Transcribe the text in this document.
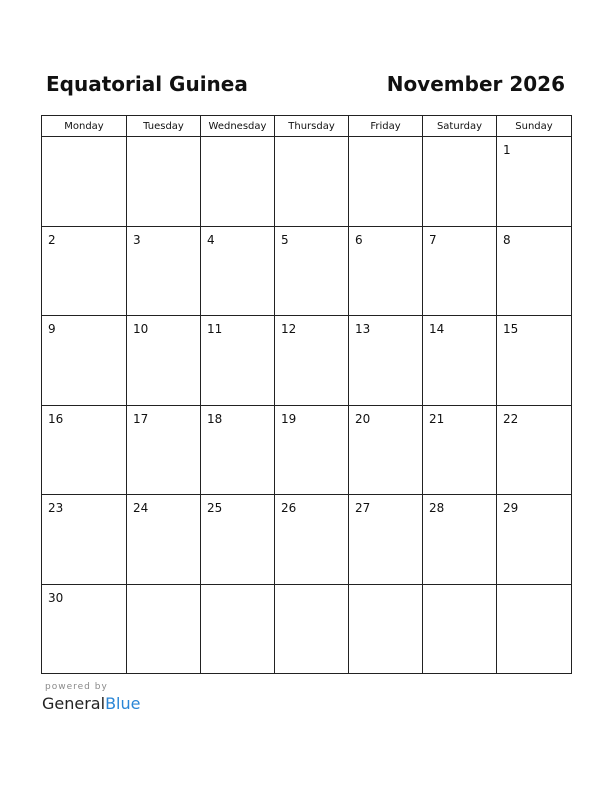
Equatorial Guinea	November 2026
Monday	Tuesday	Wednesday	Thursday	Friday	Saturday	Sunday

						1

2	3	4	5	6	7	8

9	10	11	12	13	14	15

16	17	18	19	20	21	22

23	24	25	26	27	28	29

30						

powered by
GeneralBlue
